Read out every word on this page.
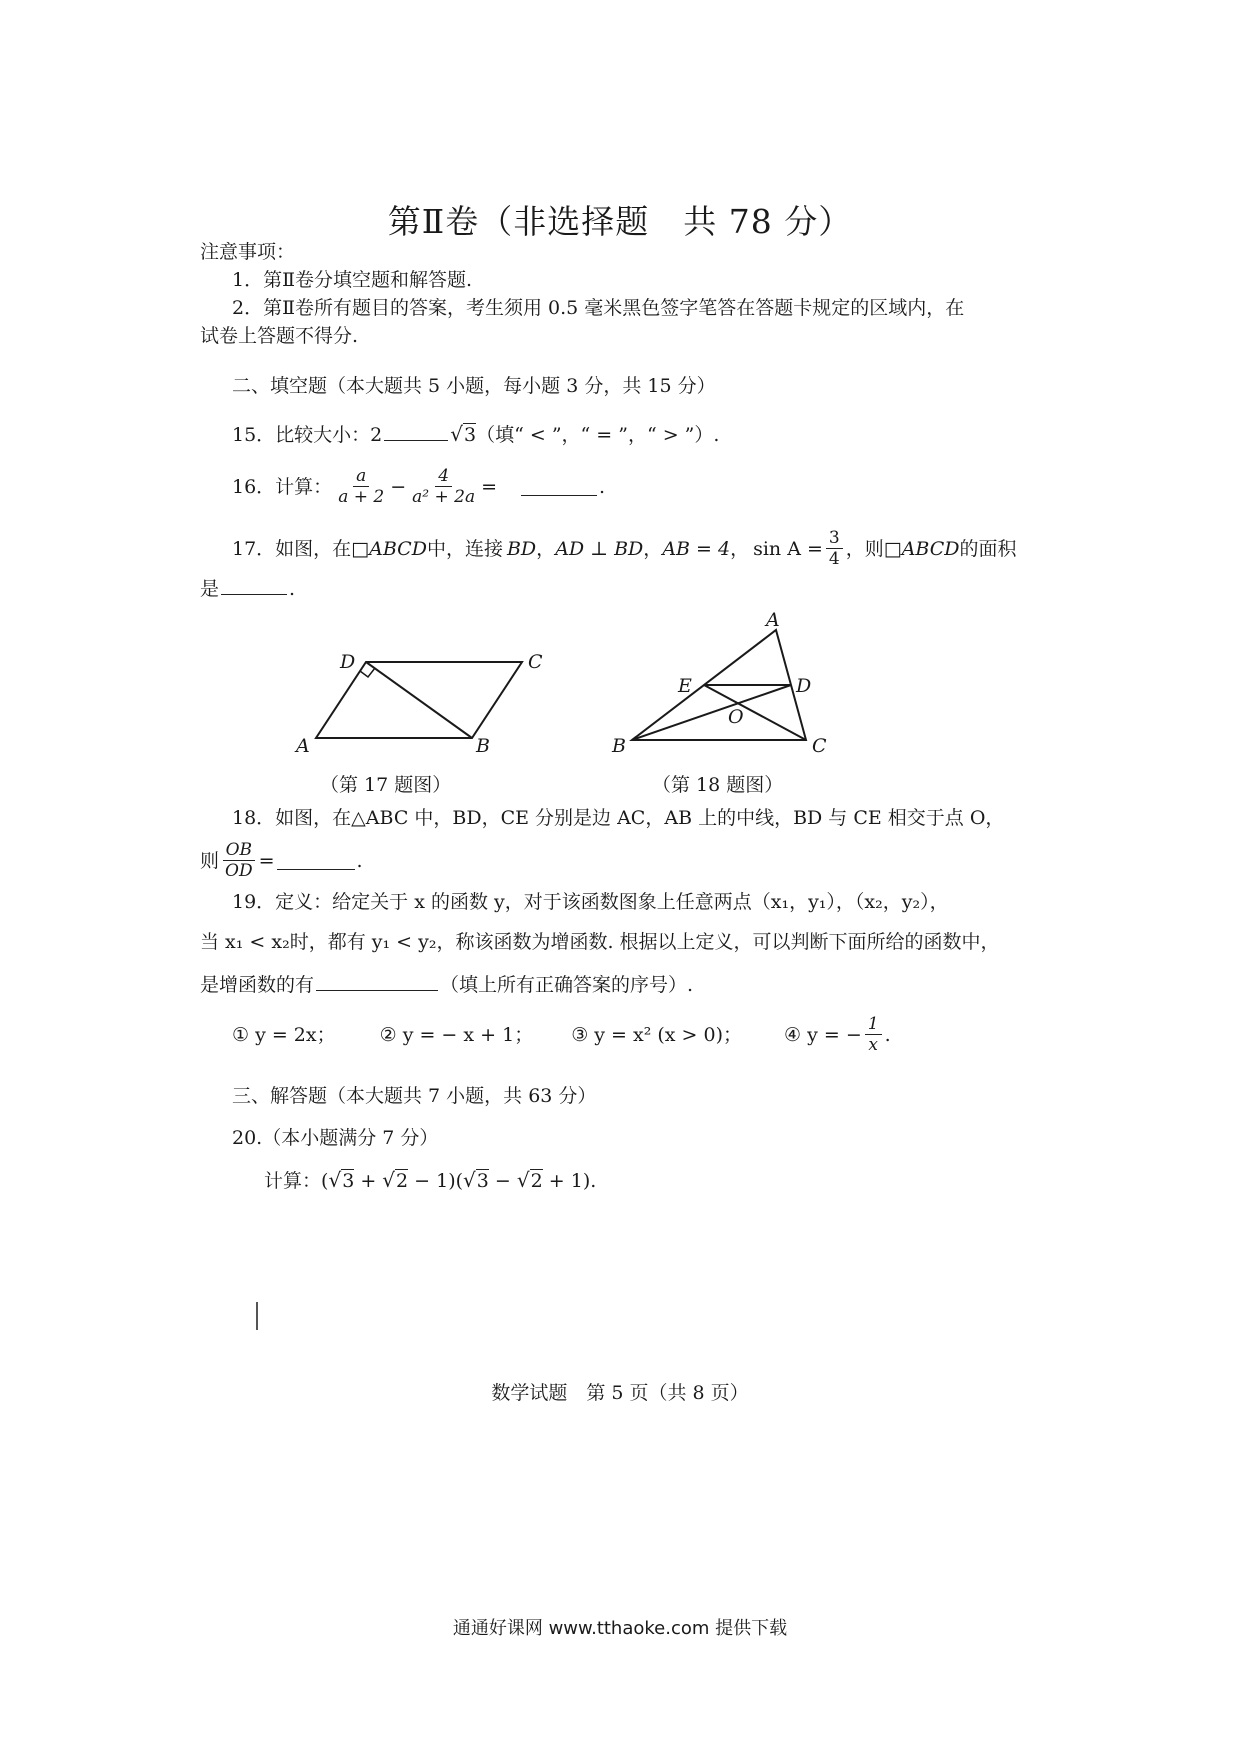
第Ⅱ卷（非选择题　共 78 分）
注意事项：
1．第Ⅱ卷分填空题和解答题.
2．第Ⅱ卷所有题目的答案，考生须用 0.5 毫米黑色签字笔答在答题卡规定的区域内，在
试卷上答题不得分.
二、填空题（本大题共 5 小题，每小题 3 分，共 15 分）
15．比较大小：2	√3（填“ < ”，“ = ”，“ > ”）.
16．计算： $\frac{a}{a + 2} - \frac{4}{\text{a² + 2a}}$ =	.
17．如图，在□ ABCD 中，连接 BD ， AD ⊥ BD ， AB = 4 ， $\sin A = \frac{3}{4}$ ，则□ ABCD 的面积
是	.
A	B
C
D
A
B	C
D
E
O
（第 17 题图）	（第 18 题图）
18．如图，在△ABC 中，BD，CE 分别是边 AC，AB 上的中线，BD 与 CE 相交于点 O，
则 $\frac{OB}{OD}$ =	.
19．定义：给定关于 x 的函数 y，对于该函数图象上任意两点（x₁，y₁），（x₂，y₂），
当 x₁ < x₂时，都有 y₁ < y₂，称该函数为增函数. 根据以上定义，可以判断下面所给的函数中，
是增函数的有	（填上所有正确答案的序号）.
① y = 2x； ② y = − x + 1； ③ y = x² (x > 0)； ④ y = − $\frac{1}{x}$ .
三、解答题（本大题共 7 小题，共 63 分）
20.（本小题满分 7 分）
计算：(√3 + √2 − 1)(√3 − √2 + 1).
数学试题　第 5 页（共 8 页）
通通好课网 www.tthaoke.com 提供下载
